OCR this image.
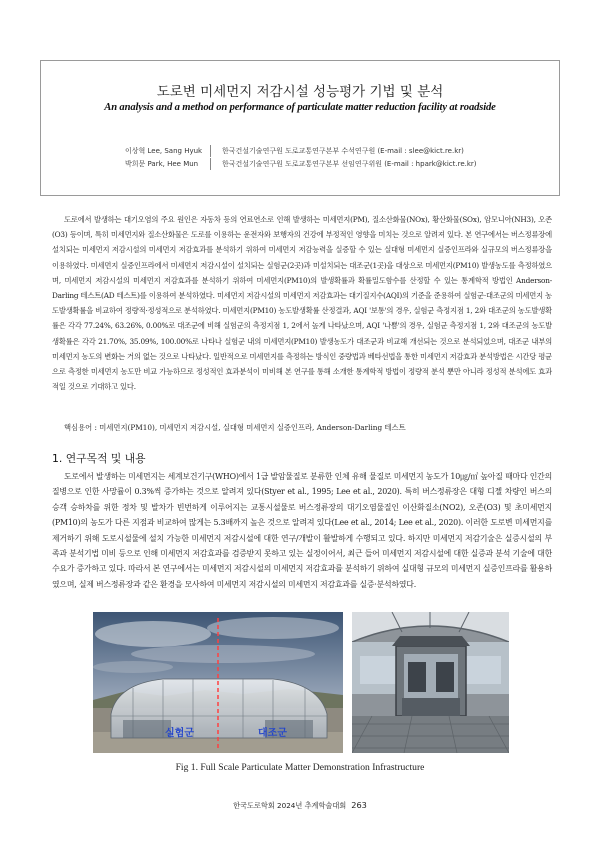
도로변 미세먼지 저감시설 성능평가 기법 및 분석
An analysis and a method on performance of particulate matter reduction facility at roadside
이상혁 Lee, Sang Hyuk	한국건설기술연구원 도로교통연구본부 수석연구원 (E-mail : slee@kict.re.kr)
박희문 Park, Hee Mun	한국건설기술연구원 도로교통연구본부 선임연구위원 (E-mail : hpark@kict.re.kr)

도로에서 발생하는 대기오염의 주요 원인은 자동차 등의 연료연소로 인해 발생하는 미세먼지(PM), 질소산화물(NOx), 황산화물(SOx), 암모니아(NH3), 오존(O3) 등이며, 특히 미세먼지와 질소산화물은 도로를 이용하는 운전자와 보행자의 건강에 부정적인 영향을 미치는 것으로 알려져 있다. 본 연구에서는 버스정류장에 설치되는 미세먼지 저감시설의 미세먼지 저감효과를 분석하기 위하여 미세먼지 저감능력을 실증할 수 있는 실대형 미세먼지 실증인프라와 실규모의 버스정류장을 이용하였다. 미세먼지 실증인프라에서 미세먼지 저감시설이 설치되는 실험군(2곳)과 미설치되는 대조군(1곳)을 대상으로 미세먼지(PM10) 발생농도를 측정하였으며, 미세먼지 저감시설의 미세먼지 저감효과를 분석하기 위하여 미세먼지(PM10)의 발생확률과 확률밀도함수를 산정할 수 있는 통계학적 방법인 Anderson-Darling 테스트(AD 테스트)를 이용하여 분석하였다. 미세먼지 저감시설의 미세먼지 저감효과는 대기질지수(AQI)의 기준을 준용하여 실험군·대조군의 미세먼지 농도발생확률을 비교하여 정량적·정성적으로 분석하였다. 미세먼지(PM10) 농도발생확률 산정결과, AQI '보통'의 경우, 실험군 측정지점 1, 2와 대조군의 농도발생확률은 각각 77.24%, 63.26%, 0.00%로 대조군에 비해 실험군의 측정지점 1, 2에서 높게 나타났으며, AQI '나쁨'의 경우, 실험군 측정지점 1, 2와 대조군의 농도발생확률은 각각 21.70%, 35.09%, 100.00%로 나타나 실험군 내의 미세먼지(PM10) 발생농도가 대조군과 비교해 개선되는 것으로 분석되었으며, 대조군 내부의 미세먼지 농도의 변화는 거의 없는 것으로 나타났다. 일반적으로 미세먼지를 측정하는 방식인 중량법과 베타선법을 통한 미세먼지 저감효과 분석방법은 시간당 평균으로 측정한 미세먼지 농도만 비교 가능하므로 정성적인 효과분석이 미비해 본 연구를 통해 소개한 통계학적 방법이 정량적 분석 뿐만 아니라 정성적 분석에도 효과적일 것으로 기대하고 있다.

핵심용어 : 미세먼지(PM10), 미세먼지 저감시설, 실대형 미세먼지 실증인프라, Anderson-Darling 테스트

1. 연구목적 및 내용

도로에서 발생하는 미세먼지는 세계보건기구(WHO)에서 1급 발암물질로 분류한 인체 유해 물질로 미세먼지 농도가 10㎍/㎥ 높아질 때마다 인간의 질병으로 인한 사망률이 0.3%씩 증가하는 것으로 알려져 있다(Styer et al., 1995; Lee et al., 2020). 특히 버스정류장은 대형 디젤 차량인 버스의 승객 승하차를 위한 정차 및 발차가 빈번하게 이루어지는 교통시설물로 버스정류장의 대기오염물질인 이산화질소(NO2), 오존(O3) 및 초미세먼지(PM10)의 농도가 다른 지점과 비교하여 많게는 5.3배까지 높은 것으로 알려져 있다(Lee et al., 2014; Lee et al., 2020). 이러한 도로변 미세먼지를 제거하기 위해 도로시설물에 설치 가능한 미세먼지 저감시설에 대한 연구/개발이 활발하게 수행되고 있다. 하지만 미세먼지 저감기술은 실증시설의 부족과 분석기법 미비 등으로 인해 미세먼지 저감효과를 검증받지 못하고 있는 실정이어서, 최근 들어 미세먼지 저감시설에 대한 실증과 분석 기술에 대한 수요가 증가하고 있다. 따라서 본 연구에서는 미세먼지 저감시설의 미세먼지 저감효과를 분석하기 위하여 실대형 규모의 미세먼지 실증인프라를 활용하였으며, 실제 버스정류장과 같은 환경을 모사하여 미세먼지 저감시설의 미세먼지 저감효과를 실증·분석하였다.

실험군	대조군

Fig 1. Full Scale Particulate Matter Demonstration Infrastructure

한국도로학회 2024년 추계학술대회 263
